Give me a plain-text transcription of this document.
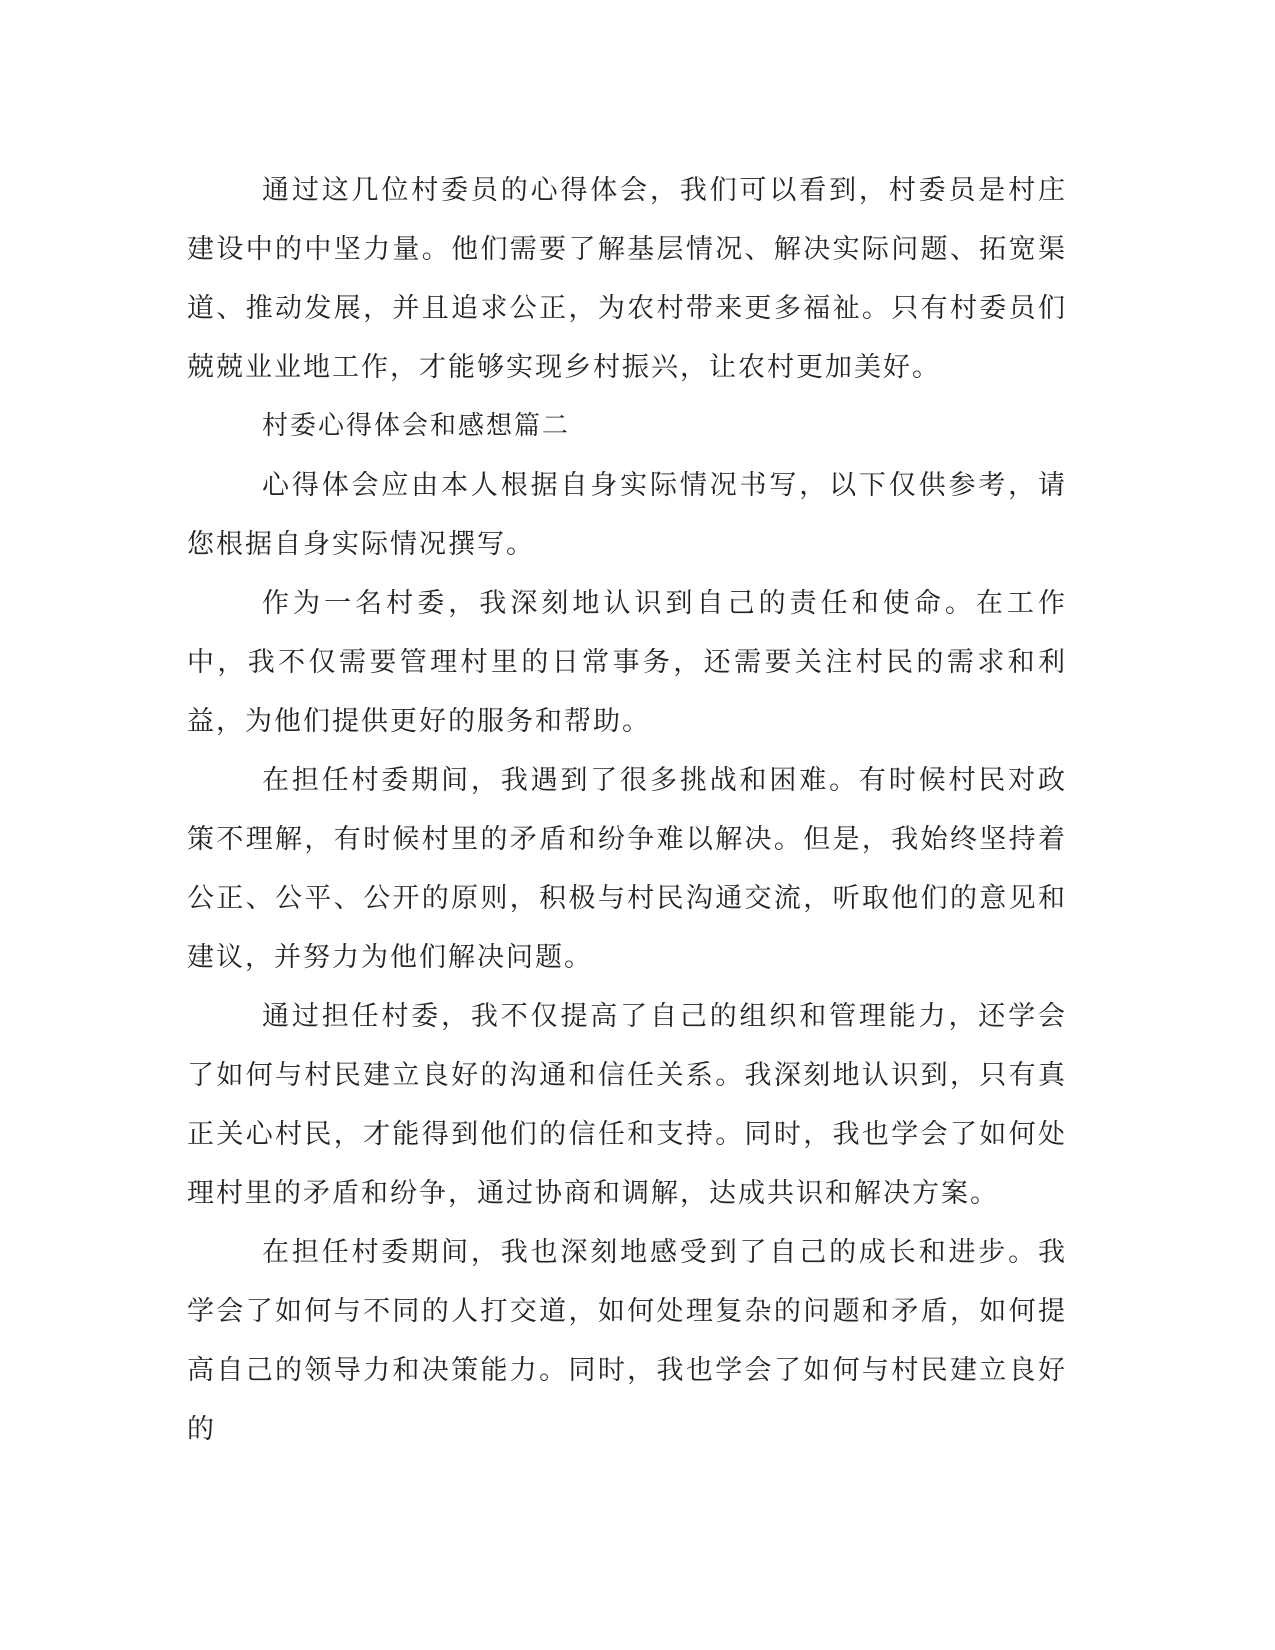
通过这几位村委员的心得体会，我们可以看到，村委员是村庄建设中的中坚力量。他们需要了解基层情况、解决实际问题、拓宽渠道、推动发展，并且追求公正，为农村带来更多福祉。只有村委员们兢兢业业地工作，才能够实现乡村振兴，让农村更加美好。

村委心得体会和感想篇二

心得体会应由本人根据自身实际情况书写，以下仅供参考，请您根据自身实际情况撰写。

作为一名村委，我深刻地认识到自己的责任和使命。在工作中，我不仅需要管理村里的日常事务，还需要关注村民的需求和利益，为他们提供更好的服务和帮助。

在担任村委期间，我遇到了很多挑战和困难。有时候村民对政策不理解，有时候村里的矛盾和纷争难以解决。但是，我始终坚持着公正、公平、公开的原则，积极与村民沟通交流，听取他们的意见和建议，并努力为他们解决问题。

通过担任村委，我不仅提高了自己的组织和管理能力，还学会了如何与村民建立良好的沟通和信任关系。我深刻地认识到，只有真正关心村民，才能得到他们的信任和支持。同时，我也学会了如何处理村里的矛盾和纷争，通过协商和调解，达成共识和解决方案。

在担任村委期间，我也深刻地感受到了自己的成长和进步。我学会了如何与不同的人打交道，如何处理复杂的问题和矛盾，如何提高自己的领导力和决策能力。同时，我也学会了如何与村民建立良好的
